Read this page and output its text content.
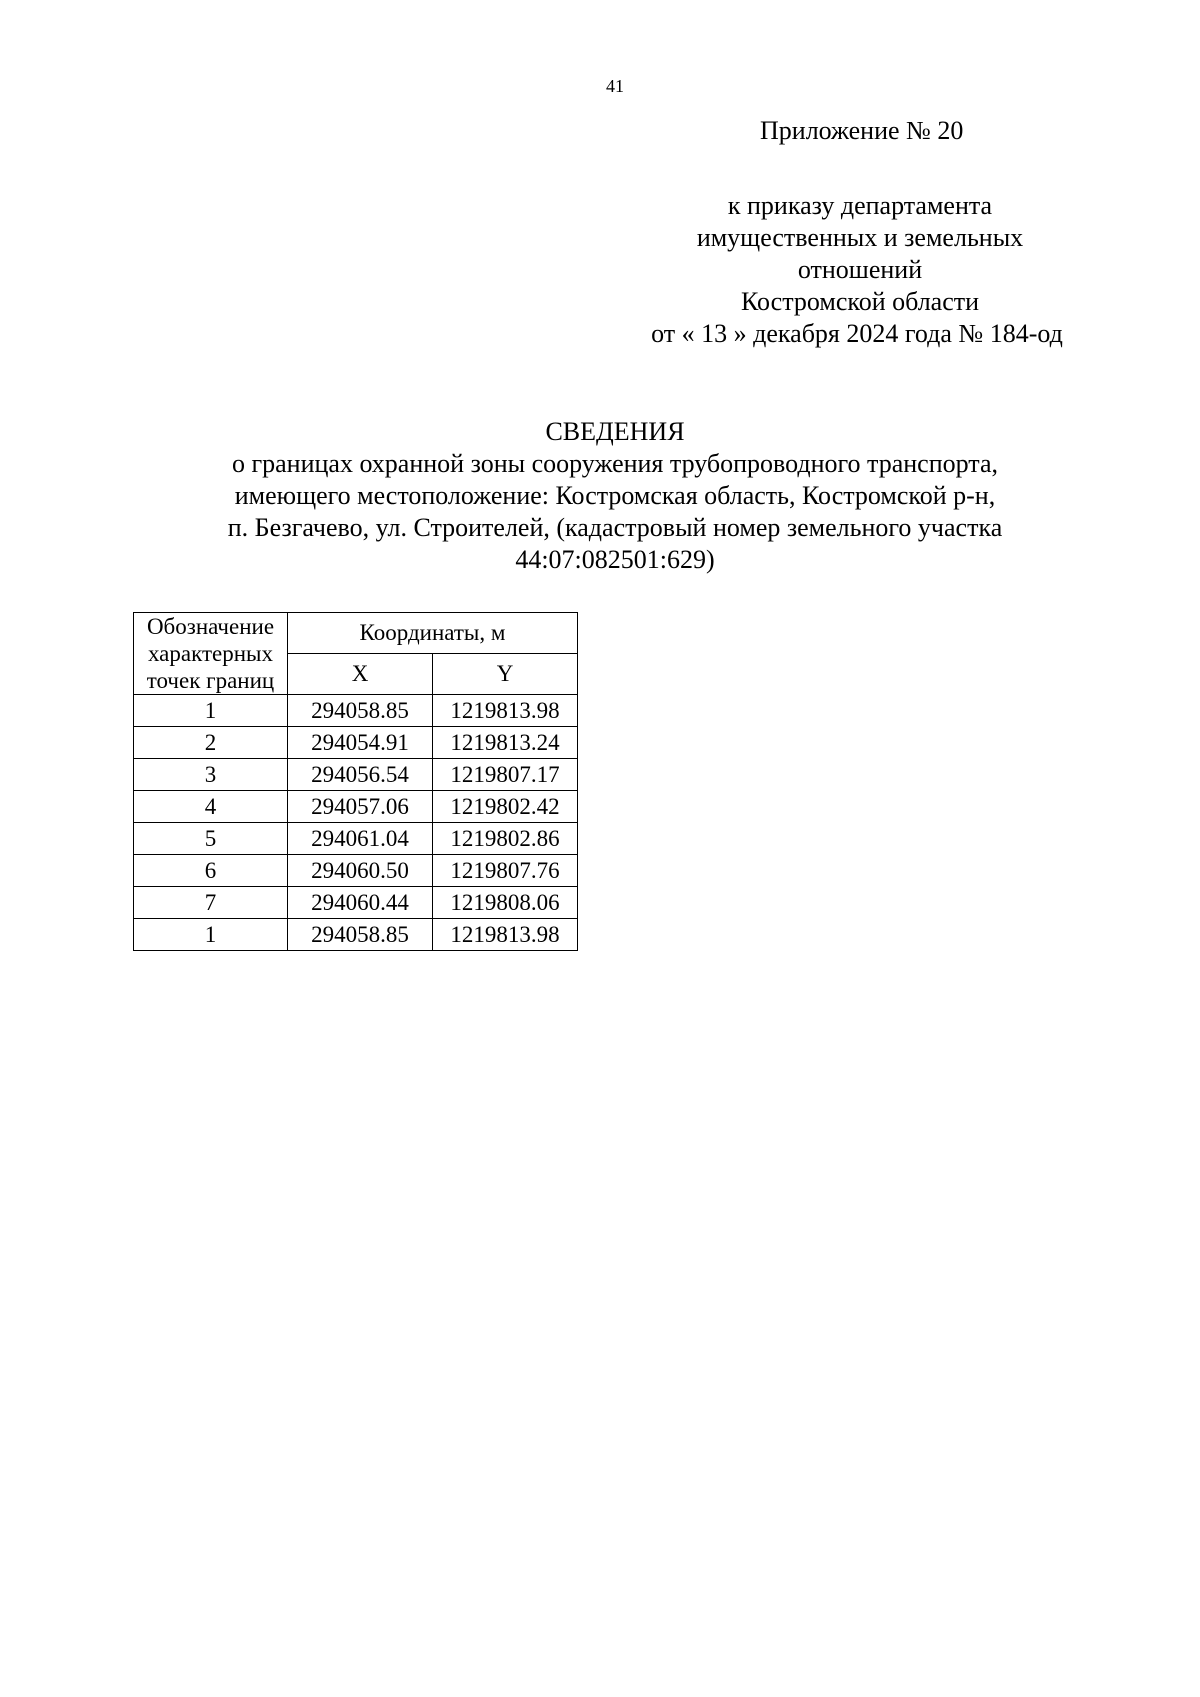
41
Приложение № 20
к приказу департамента
имущественных и земельных
отношений
Костромской области
от « 13 » декабря 2024 года № 184-од
СВЕДЕНИЯ
о границах охранной зоны сооружения трубопроводного транспорта,
имеющего местоположение: Костромская область, Костромской р-н,
п. Безгачево, ул. Строителей, (кадастровый номер земельного участка
44:07:082501:629)
Обозначение
характерных
точек границ	Координаты, м	
	X	Y
1	294058.85	1219813.98
2	294054.91	1219813.24
3	294056.54	1219807.17
4	294057.06	1219802.42
5	294061.04	1219802.86
6	294060.50	1219807.76
7	294060.44	1219808.06
1	294058.85	1219813.98
